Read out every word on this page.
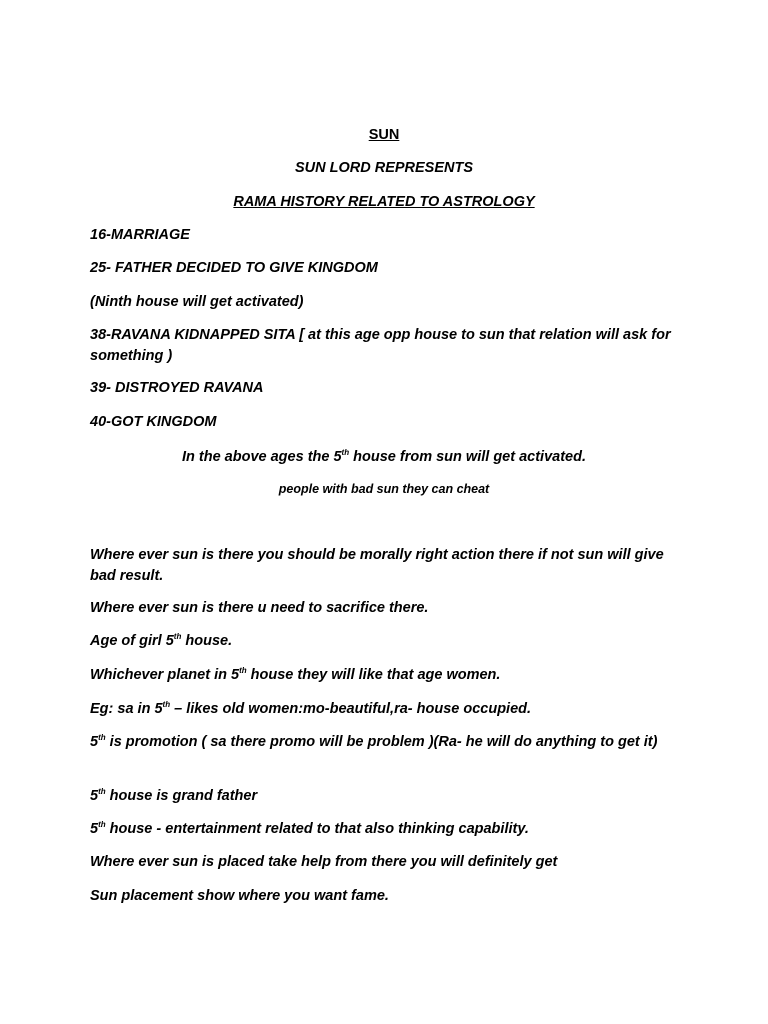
SUN
SUN LORD REPRESENTS
RAMA HISTORY RELATED TO ASTROLOGY
16-MARRIAGE
25- FATHER DECIDED TO GIVE KINGDOM
(Ninth house will get activated)
38-RAVANA KIDNAPPED SITA [ at this age opp house to sun that relation will ask for something )
39- DISTROYED RAVANA
40-GOT KINGDOM
In the above ages the 5th house from sun will get activated.
people with bad sun they can cheat
Where ever sun is there you should be morally right action there if not sun will give bad result.
Where ever sun is there u need to sacrifice there.
Age of girl 5th house.
Whichever planet in 5th house they will like that age women.
Eg: sa in 5th – likes old women:mo-beautiful,ra- house occupied.
5th is promotion ( sa there promo will be problem )(Ra- he will do anything to get it)
5th house is grand father
5th house - entertainment related to that also thinking capability.
Where ever sun is placed take help from there you will definitely get
Sun placement show where you want fame.
